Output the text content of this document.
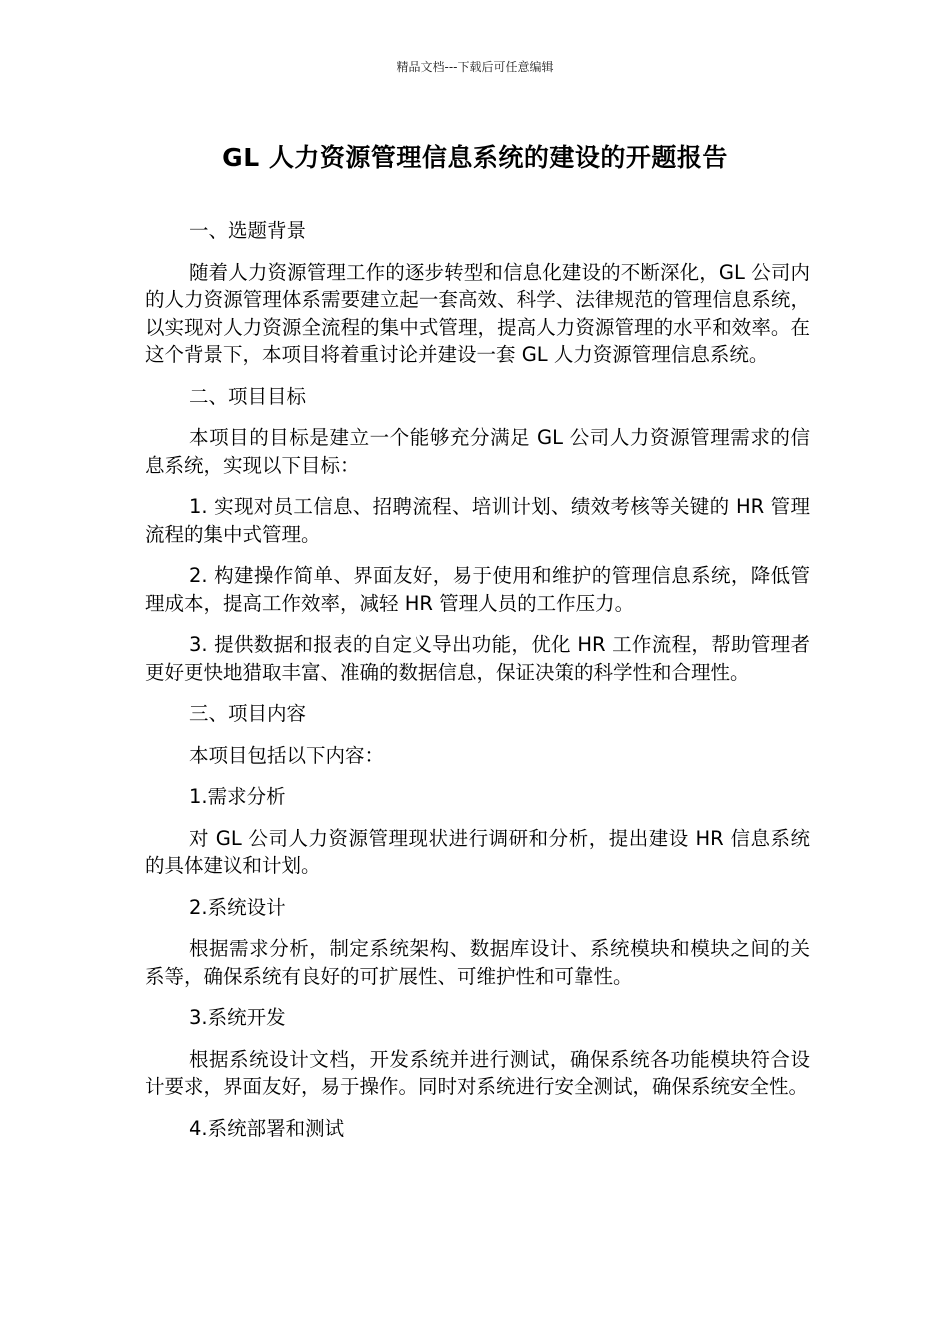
精品文档---下载后可任意编辑
GL 人力资源管理信息系统的建设的开题报告

一、选题背景

随着人力资源管理工作的逐步转型和信息化建设的不断深化，GL 公司内的人力资源管理体系需要建立起一套高效、科学、法律规范的管理信息系统，以实现对人力资源全流程的集中式管理，提高人力资源管理的水平和效率。在这个背景下，本项目将着重讨论并建设一套 GL 人力资源管理信息系统。

二、项目目标

本项目的目标是建立一个能够充分满足 GL 公司人力资源管理需求的信息系统，实现以下目标：

1. 实现对员工信息、招聘流程、培训计划、绩效考核等关键的 HR 管理流程的集中式管理。

2. 构建操作简单、界面友好，易于使用和维护的管理信息系统，降低管理成本，提高工作效率，减轻 HR 管理人员的工作压力。

3. 提供数据和报表的自定义导出功能，优化 HR 工作流程，帮助管理者更好更快地猎取丰富、准确的数据信息，保证决策的科学性和合理性。

三、项目内容

本项目包括以下内容：

1.需求分析

对 GL 公司人力资源管理现状进行调研和分析，提出建设 HR 信息系统的具体建议和计划。

2.系统设计

根据需求分析，制定系统架构、数据库设计、系统模块和模块之间的关系等，确保系统有良好的可扩展性、可维护性和可靠性。

3.系统开发

根据系统设计文档，开发系统并进行测试，确保系统各功能模块符合设计要求，界面友好，易于操作。同时对系统进行安全测试，确保系统安全性。

4.系统部署和测试
